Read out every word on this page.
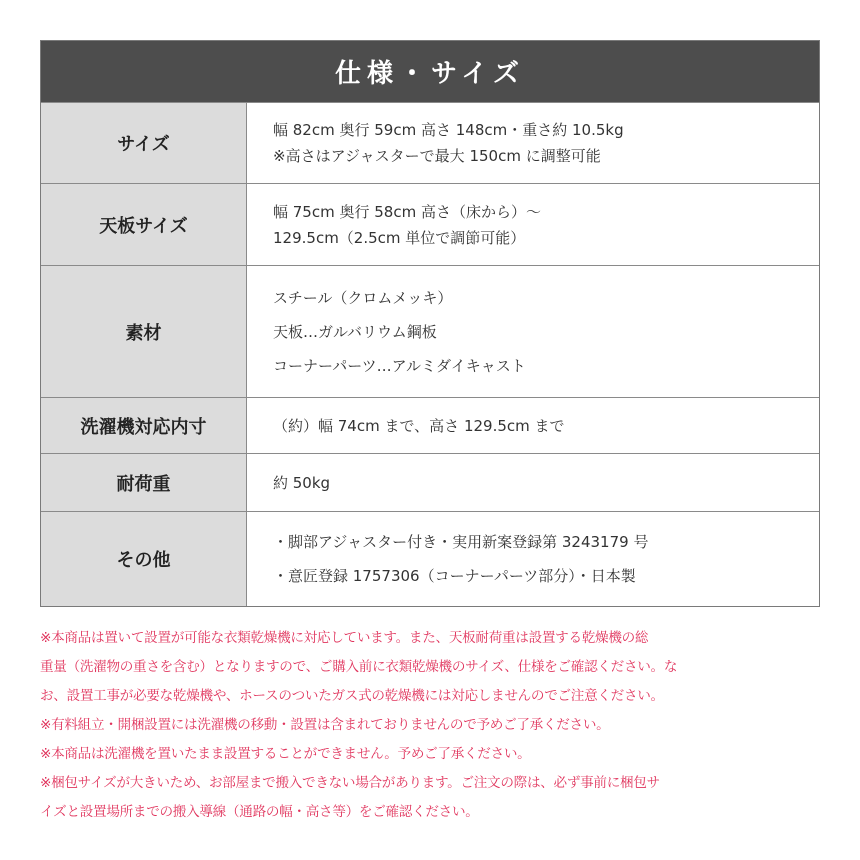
仕様・サイズ
サイズ
幅 82cm 奥行 59cm 高さ 148cm・重さ約 10.5kg
※高さはアジャスターで最大 150cm に調整可能
天板サイズ
幅 75cm 奥行 58cm 高さ（床から）〜
129.5cm（2.5cm 単位で調節可能）
素材
スチール（クロムメッキ）
天板…ガルバリウム鋼板
コーナーパーツ…アルミダイキャスト
洗濯機対応内寸	（約）幅 74cm まで、高さ 129.5cm まで
耐荷重	約 50kg
その他
・脚部アジャスター付き・実用新案登録第 3243179 号
・意匠登録 1757306（コーナーパーツ部分）・日本製
※本商品は置いて設置が可能な衣類乾燥機に対応しています。また、天板耐荷重は設置する乾燥機の総
重量（洗濯物の重さを含む）となりますので、ご購入前に衣類乾燥機のサイズ、仕様をご確認ください。な
お、設置工事が必要な乾燥機や、ホースのついたガス式の乾燥機には対応しませんのでご注意ください。
※有料組立・開梱設置には洗濯機の移動・設置は含まれておりませんので予めご了承ください。
※本商品は洗濯機を置いたまま設置することができません。予めご了承ください。
※梱包サイズが大きいため、お部屋まで搬入できない場合があります。ご注文の際は、必ず事前に梱包サ
イズと設置場所までの搬入導線（通路の幅・高さ等）をご確認ください。
